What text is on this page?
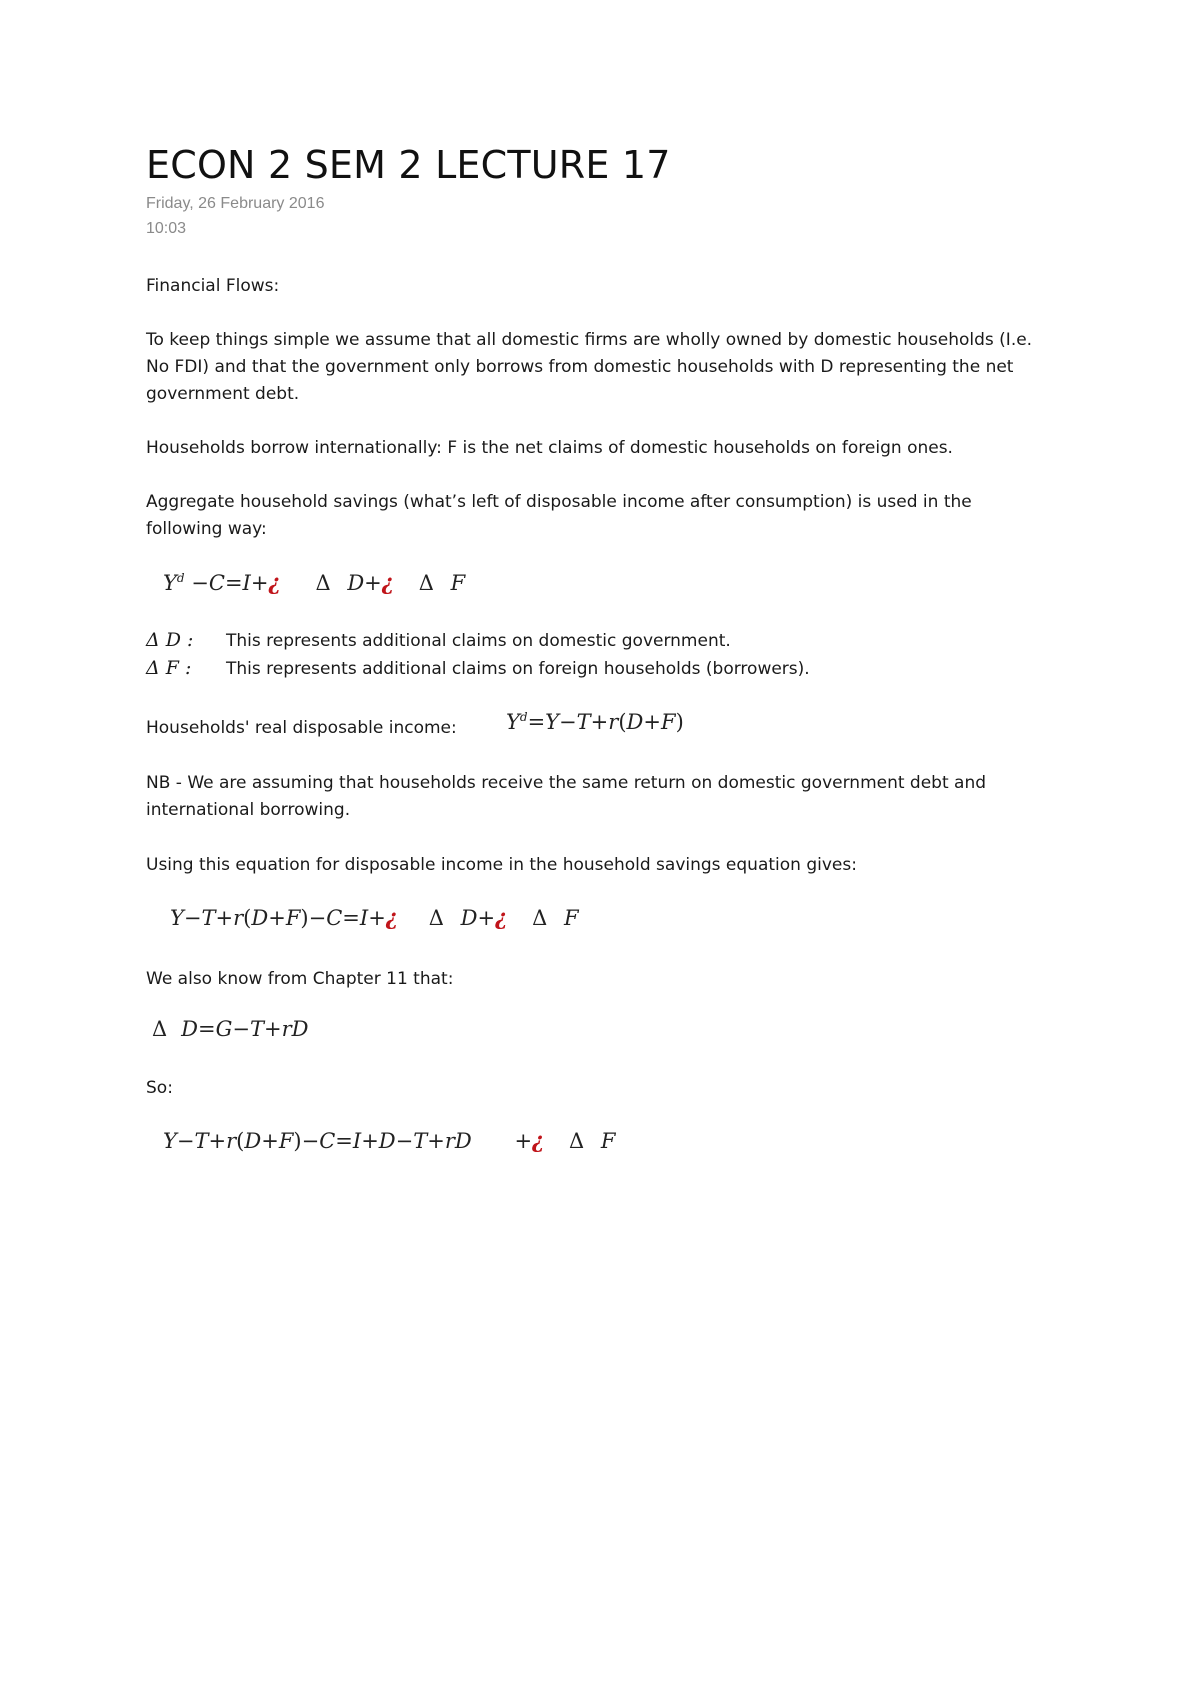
ECON 2 SEM 2 LECTURE 17
Friday, 26 February 2016
10:03
Financial Flows:
To keep things simple we assume that all domestic firms are wholly owned by domestic households (I.e. No FDI) and that the government only borrows from domestic households with D representing the net government debt.
Households borrow internationally: F is the net claims of domestic households on foreign ones.
Aggregate household savings (what’s left of disposable income after consumption) is used in the following way:
$Y^d$ −C=I+¿ Δ D+¿ Δ F
Δ D : This represents additional claims on domestic government.
Δ F : This represents additional claims on foreign households (borrowers).
Households' real disposable income: $Y^d=Y-T+r(D+F)$
NB - We are assuming that households receive the same return on domestic government debt and international borrowing.
Using this equation for disposable income in the household savings equation gives:
Y−T+r(D+F)−C=I+¿ Δ D+¿ Δ F
We also know from Chapter 11 that:
Δ D=G−T+rD
So:
Y−T+r(D+F)−C=I+D−T+rD +¿ Δ F
